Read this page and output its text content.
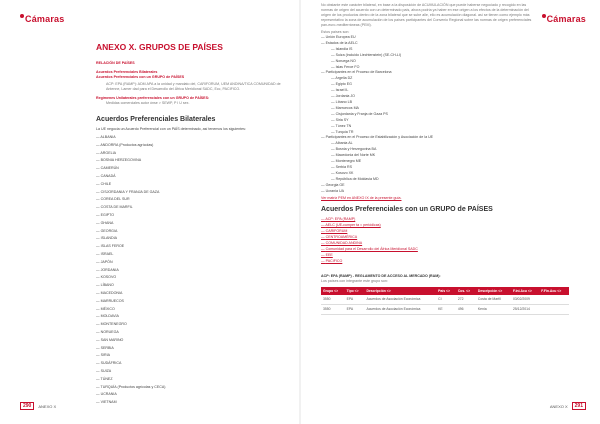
Cámaras
ANEXO X. GRUPOS DE PAÍSES
RELACIÓN DE PAÍSES
Acuerdos Preferenciales Bilaterales
Acuerdos Preferenciales con un GRUPO de PAÍSES
ACP: EPA (RAMP): ADM APA a la unidad y mandato del, CARIFORUM, UEM ANDINA/TICA COMUNIDAD de Antenne, Lamer dad para el Desarrollo del África Meridional SADC, Ecc, PACIFICO.
Regímenes Unilaterales preferenciales con un GRUPO de PAÍSES:
Medidas comerciales autor ónse > SEWP, P I U sex.
Acuerdos Preferenciales Bilaterales
La UE negocia un Acuerdo Preferencial con un PAÍS determinado, así tenemos los siguientes:
— ALBANIA
— ANDORRA (Productos agrícolas)
— ARGELIA
— BOSNIA HERZEGOVINA
— CAMERÚN
— CANADÁ
— CHILE
— CISJORDANIA Y FRANJA DE GAZA
— COREA DEL SUR
— COSTA DE MARFIL
— EGIPTO
— GHANA
— GEORGIA
— ISLANDIA
— ISLAS FEROE
— ISRAEL
— JAPÓN
— JORDANIA
— KOSOVO
— LÍBANO
— MACEDONIA
— MARRUECOS
— MÉXICO
— MOLDAVIA
— MONTENEGRO
— NORUEGA
— SAN MARINO
— SERBIA
— SIRIA
— SUDÁFRICA
— SUIZA
— TÚNEZ
— TURQUÍA (Productos agrícolas y CECA)
— UCRANIA
— VIETNAM
290	ANEXO X
Cámaras
No obstante este carácter bilateral, en base a la disposición de ACUMULACIÓN que puede haberse negociado y recogido en las normas de origen del acuerdo con un determinado país, ahora podría ya haber en ese origen a los efectos de la determinación del origen de los productos dentro de la zona bilateral que se sube alle, ello es acumulación diagonal. así se tienen como ejemplo más representativo la zona de acumulación de los países participantes del Convenio Regional sobre las normas de origen preferenciales pan-euro-mediterráneas (PEM).
Estos países son:
— Unión Europea EU
— Estados de la AELC
— Islandia IS
— Suiza (incluido Liechtenstein) (SE-CH-LI)
— Noruega NO
— Islas Feroe FO
— Participantes en el Proceso de Barcelona
— Argelia DZ
— Egipto EG
— Israel IL
— Jordania JO
— Líbano LB
— Marruecos MA
— Cisjordania y Franja de Gaza PS
— Siria SY
— Túnez TN
— Turquía TR
— Participantes en el Proceso de Estabilización y Asociación de la UE
— Albania AL
— Bosnia y Herzegovina BA
— Macedonia del Norte MK
— Montenegro ME
— Serbia RS
— Kosovo XK
— República de Moldavia MD
— Georgia GE
— Ucrania UA
Ver matriz PEM en ANEXO IX de la presente guía.
Acuerdos Preferenciales con un GRUPO de PAÍSES
— ACP: EPA (RAMP)
— AELC (UE-cumper ta ≈ periódicas)
— CARIFORUM
— CENTROAMÉRICA
— COMUNIDAD ANDINA
— Comunidad para el Desarrollo del África Meridional SADC
— EEE
— PACIFICO
ACP: EPA (RAMP) - REGLAMENTO DE ACCESO AL MERCADO (RAM):
Los países con integrante este grupo son:
Grupo <>	Tipo <>	Descripción <>	País <>	Cos. <>	Descripción <>	F.Ini.Acu <>	F.Fin.Acu <>
3550	EPA	Acuerdos de Asociación Económica	CI	272	Costa de Marfil	03/02/2009	
3550	EPA	Acuerdos de Asociación Económica	KE	496	Kenia	25/12/2014	
ANEXO X	291
